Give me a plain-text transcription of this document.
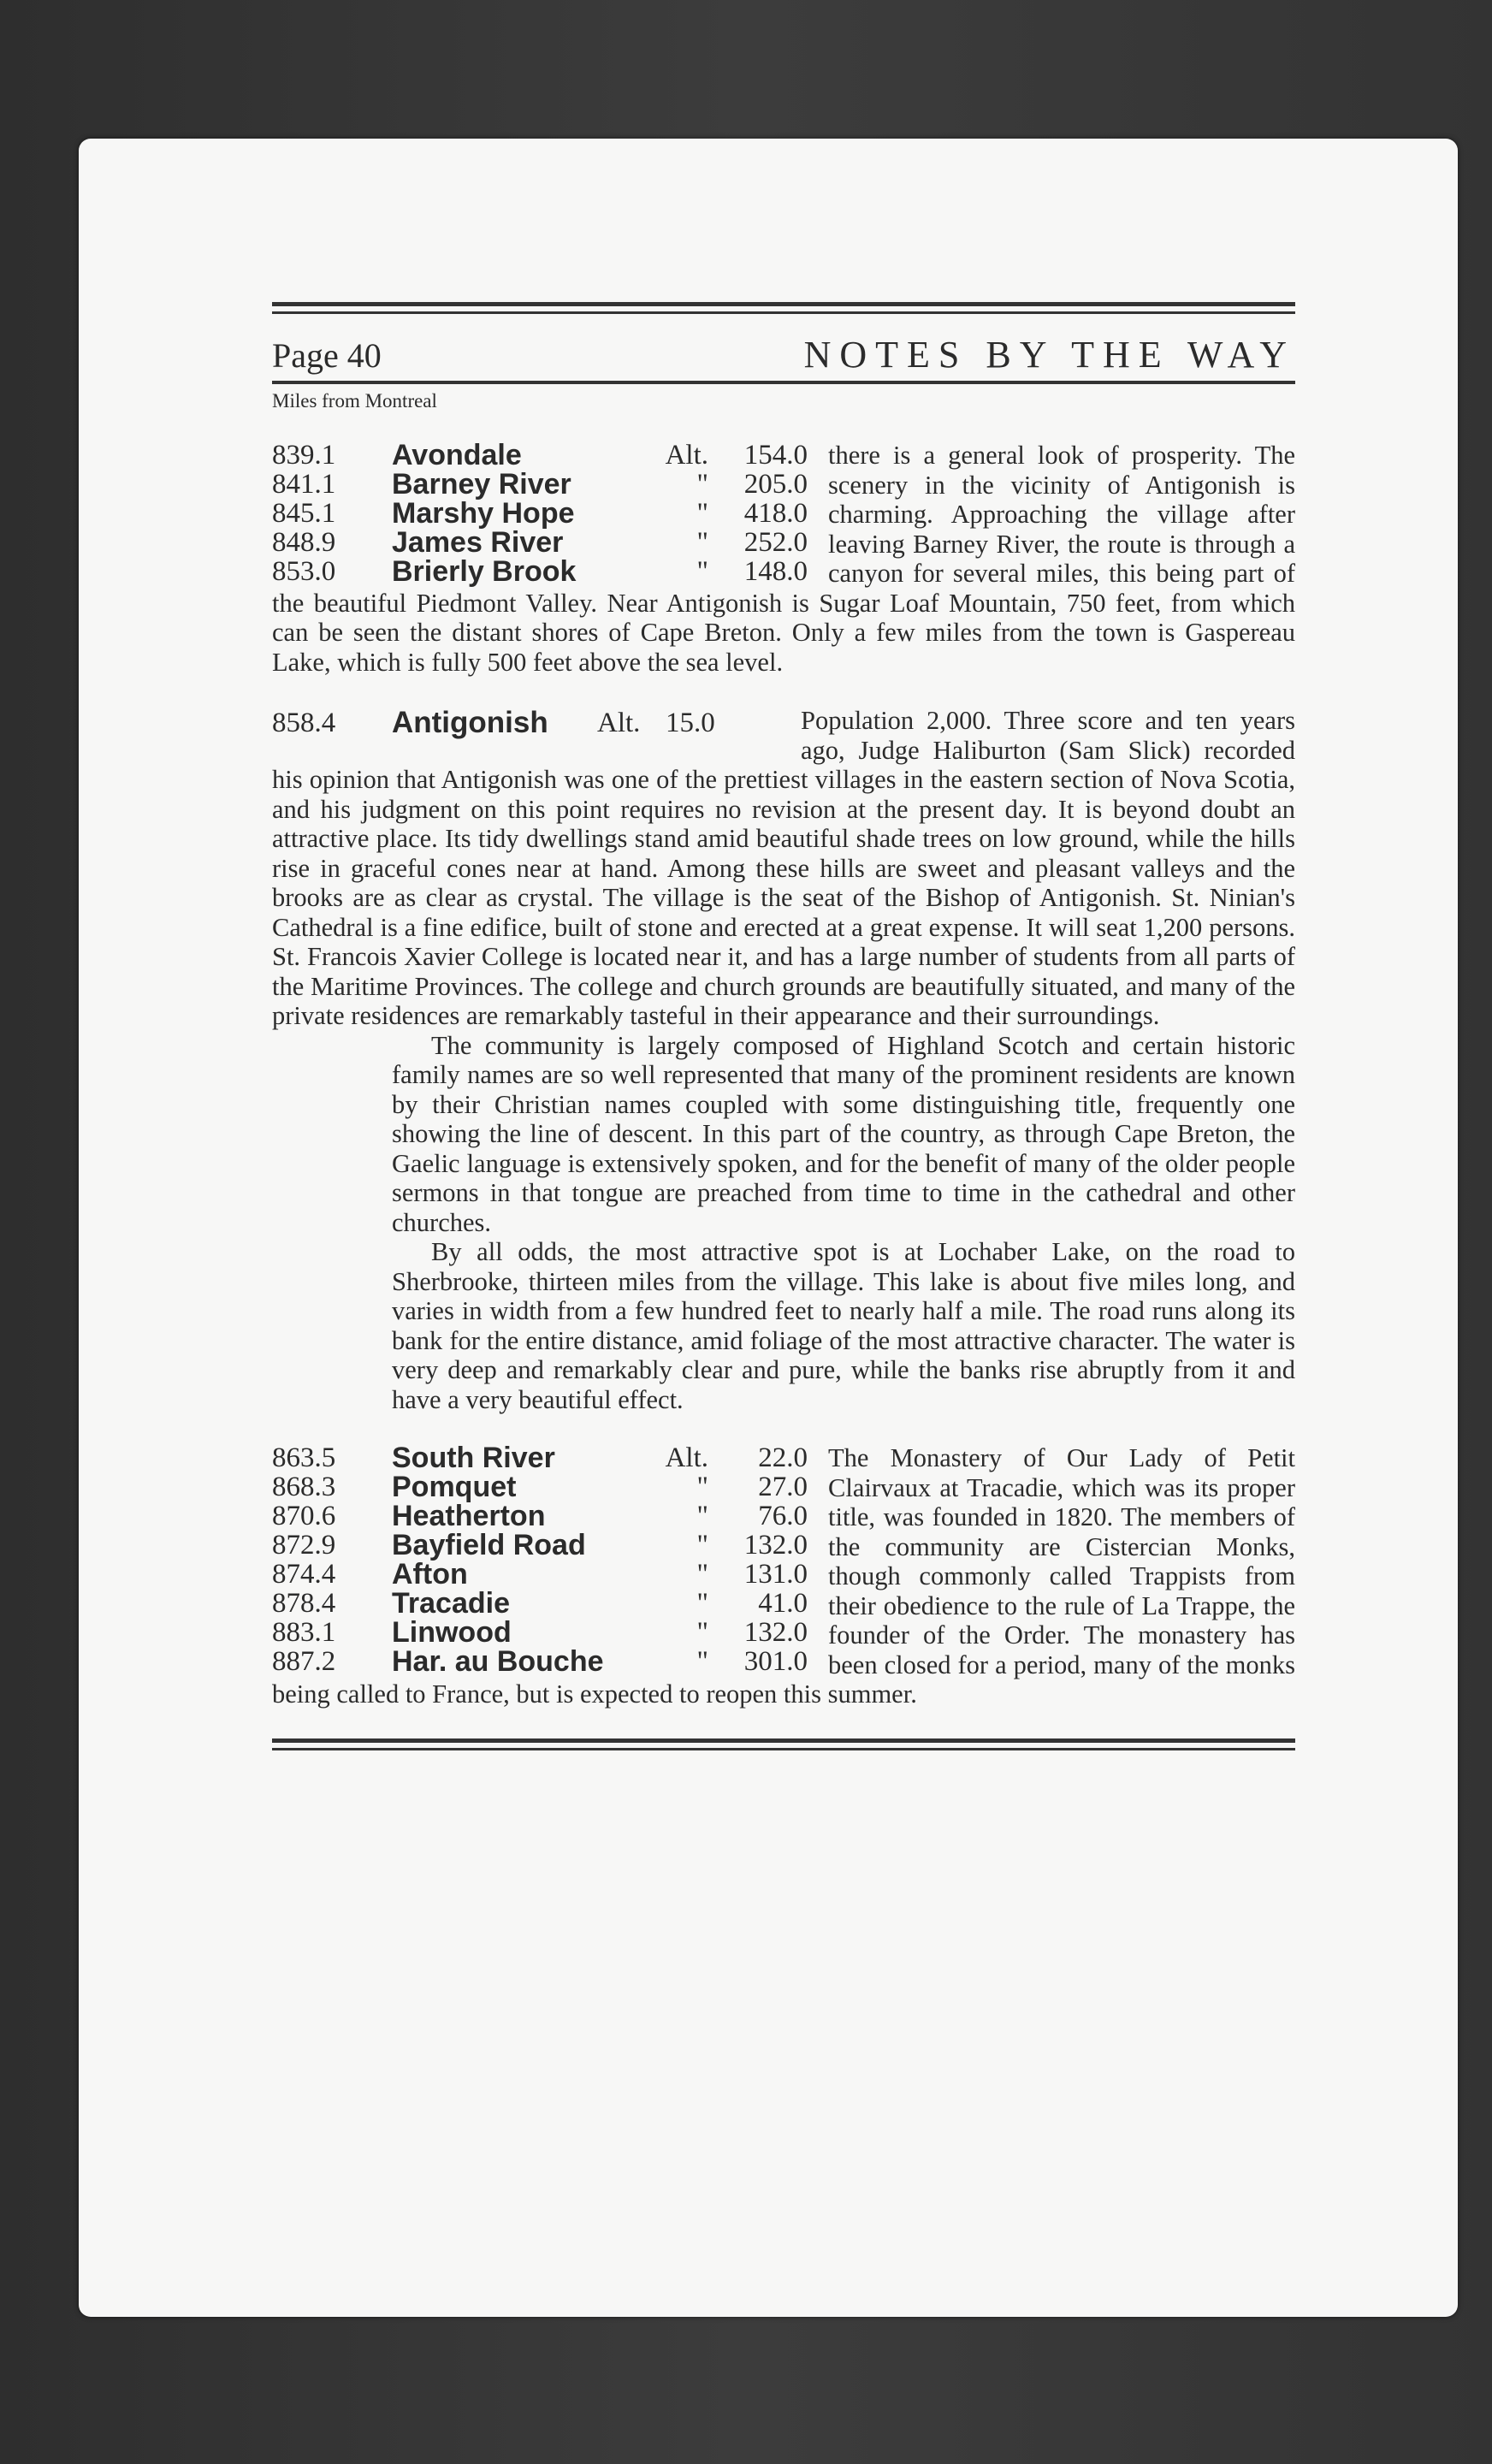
Page 40	NOTES BY THE WAY
Miles from Montreal
839.1	Avondale	Alt.	154.0
841.1	Barney River	"	205.0
845.1	Marshy Hope	"	418.0
848.9	James River	"	252.0
853.0	Brierly Brook	"	148.0

there is a general look of prosperity. The scenery in the vicinity of Antigonish is charming. Approaching the village after leaving Barney River, the route is through a canyon for several miles, this being part of the beautiful Piedmont Valley. Near Antigonish is Sugar Loaf Mountain, 750 feet, from which can be seen the distant shores of Cape Breton. Only a few miles from the town is Gaspereau Lake, which is fully 500 feet above the sea level.

858.4	Antigonish	Alt. 15.0	Population 2,000. Three score and ten years ago, Judge Haliburton (Sam Slick) recorded his opinion that Antigonish was one of the prettiest villages in the eastern section of Nova Scotia, and his judgment on this point requires no revision at the present day. It is beyond doubt an attractive place. Its tidy dwellings stand amid beautiful shade trees on low ground, while the hills rise in graceful cones near at hand. Among these hills are sweet and pleasant valleys and the brooks are as clear as crystal. The village is the seat of the Bishop of Antigonish. St. Ninian's Cathedral is a fine edifice, built of stone and erected at a great expense. It will seat 1,200 persons. St. Francois Xavier College is located near it, and has a large number of students from all parts of the Maritime Provinces. The college and church grounds are beautifully situated, and many of the private residences are remarkably tasteful in their appearance and their surroundings.

The community is largely composed of Highland Scotch and certain historic family names are so well represented that many of the prominent residents are known by their Christian names coupled with some distinguishing title, frequently one showing the line of descent. In this part of the country, as through Cape Breton, the Gaelic language is extensively spoken, and for the benefit of many of the older people sermons in that tongue are preached from time to time in the cathedral and other churches.

By all odds, the most attractive spot is at Lochaber Lake, on the road to Sherbrooke, thirteen miles from the village. This lake is about five miles long, and varies in width from a few hundred feet to nearly half a mile. The road runs along its bank for the entire distance, amid foliage of the most attractive character. The water is very deep and remarkably clear and pure, while the banks rise abruptly from it and have a very beautiful effect.

863.5	South River	Alt.	22.0
868.3	Pomquet	"	27.0
870.6	Heatherton	"	76.0
872.9	Bayfield Road	"	132.0
874.4	Afton	"	131.0
878.4	Tracadie	"	41.0
883.1	Linwood	"	132.0
887.2	Har. au Bouche	"	301.0

The Monastery of Our Lady of Petit Clairvaux at Tracadie, which was its proper title, was founded in 1820. The members of the community are Cistercian Monks, though commonly called Trappists from their obedience to the rule of La Trappe, the founder of the Order. The monastery has been closed for a period, many of the monks being called to France, but is expected to reopen this summer.
